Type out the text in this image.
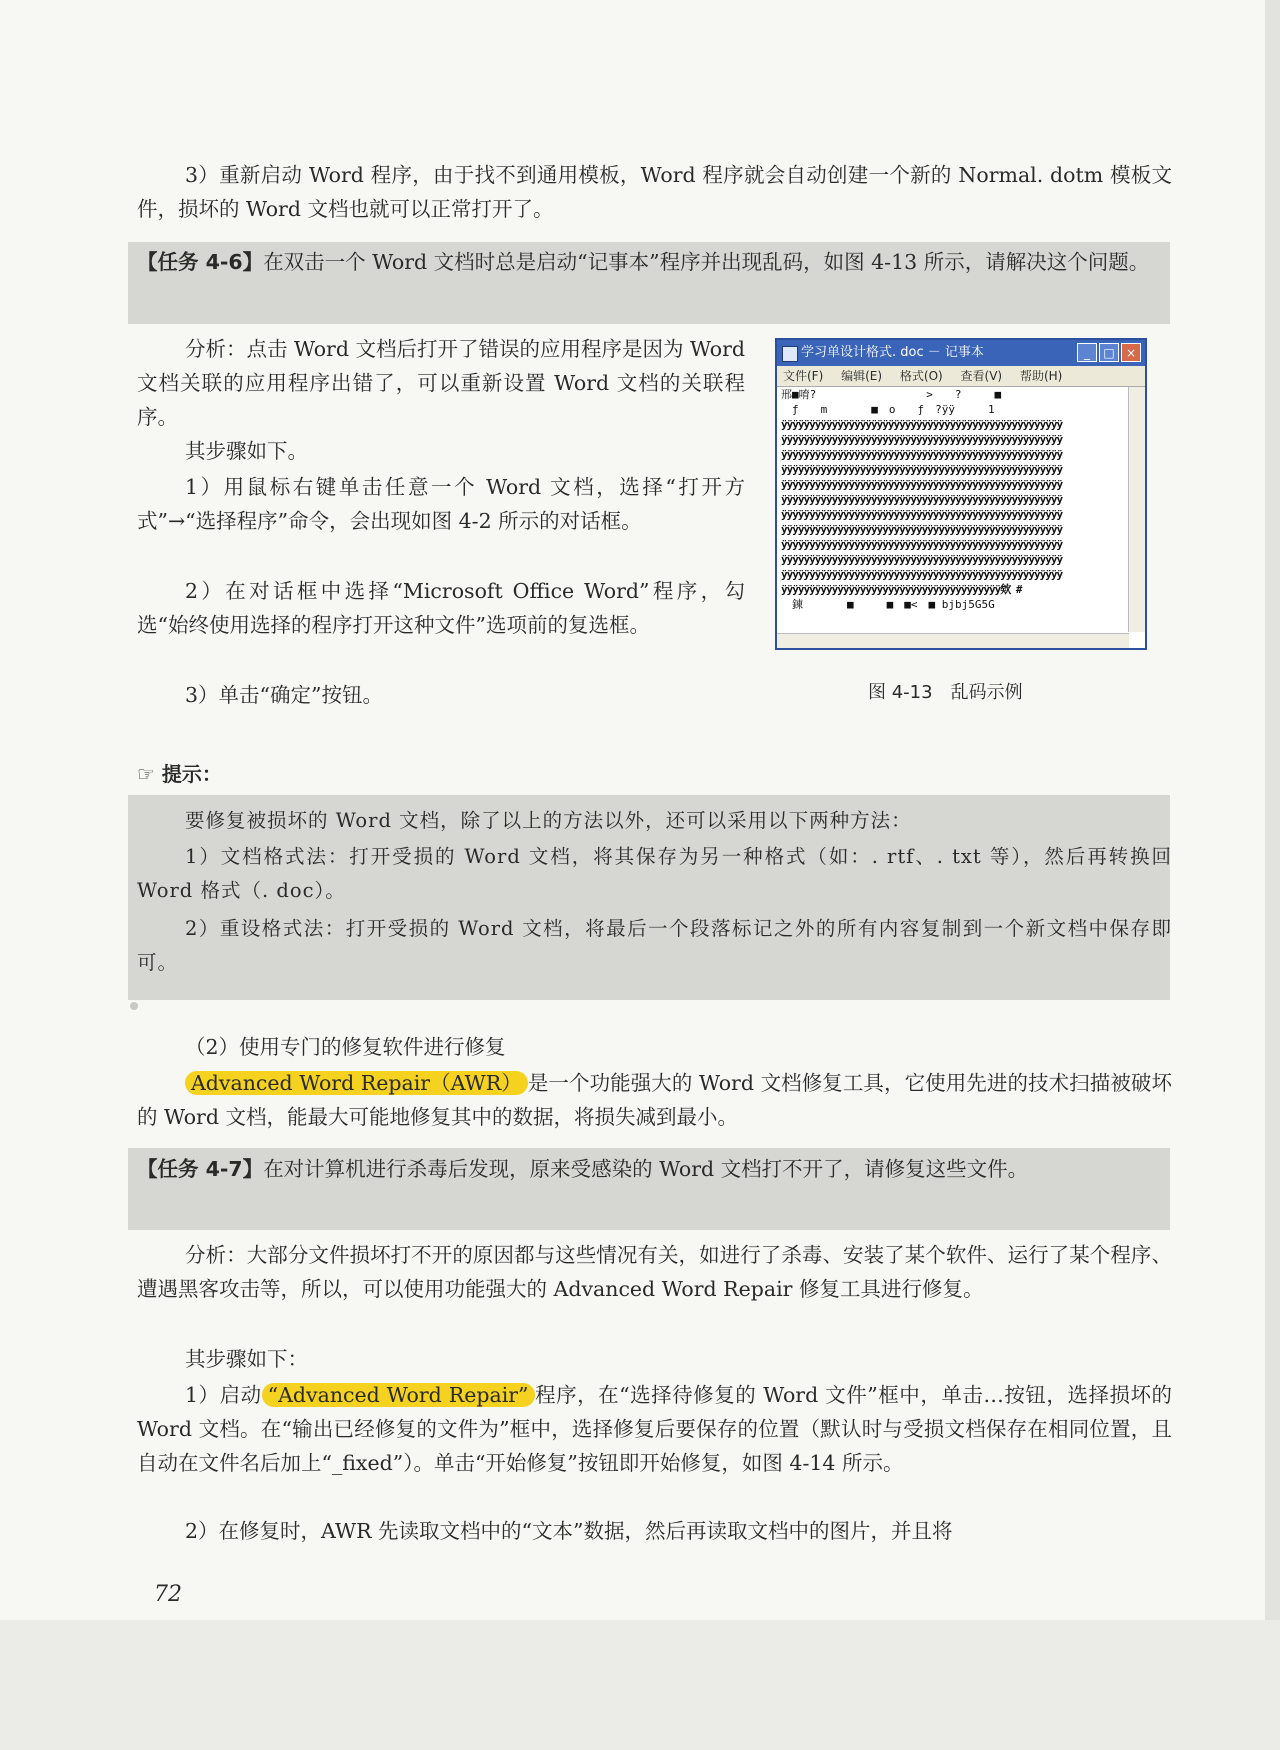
3）重新启动 Word 程序，由于找不到通用模板，Word 程序就会自动创建一个新的 Normal. dotm 模板文件，损坏的 Word 文档也就可以正常打开了。

【任务 4-6】在双击一个 Word 文档时总是启动“记事本”程序并出现乱码，如图 4-13 所示，请解决这个问题。

分析：点击 Word 文档后打开了错误的应用程序是因为 Word 文档关联的应用程序出错了，可以重新设置 Word 文档的关联程序。

其步骤如下。

1）用鼠标右键单击任意一个 Word 文档，选择“打开方式”→“选择程序”命令，会出现如图 4-2 所示的对话框。

2）在对话框中选择“Microsoft Office Word”程序，勾选“始终使用选择的程序打开这种文件”选项前的复选框。

3）单击“确定”按钮。

学习单设计格式. doc － 记事本	_	□ ×
文件(F) 编辑(E) 格式(O) 查看(V) 帮助(H)
邢■唷?　　　　　　　　　　>　　?　　　■
　ƒ　　m　　　　■　o　　ƒ　?ÿÿ　　　1
ÿÿÿÿÿÿÿÿÿÿÿÿÿÿÿÿÿÿÿÿÿÿÿÿÿÿÿÿÿÿÿÿÿÿÿÿÿÿÿÿÿÿÿÿÿÿÿÿÿÿ
ÿÿÿÿÿÿÿÿÿÿÿÿÿÿÿÿÿÿÿÿÿÿÿÿÿÿÿÿÿÿÿÿÿÿÿÿÿÿÿÿÿÿÿÿÿÿÿÿÿÿ
ÿÿÿÿÿÿÿÿÿÿÿÿÿÿÿÿÿÿÿÿÿÿÿÿÿÿÿÿÿÿÿÿÿÿÿÿÿÿÿÿÿÿÿÿÿÿÿÿÿÿ
ÿÿÿÿÿÿÿÿÿÿÿÿÿÿÿÿÿÿÿÿÿÿÿÿÿÿÿÿÿÿÿÿÿÿÿÿÿÿÿÿÿÿÿÿÿÿÿÿÿÿ
ÿÿÿÿÿÿÿÿÿÿÿÿÿÿÿÿÿÿÿÿÿÿÿÿÿÿÿÿÿÿÿÿÿÿÿÿÿÿÿÿÿÿÿÿÿÿÿÿÿÿ
ÿÿÿÿÿÿÿÿÿÿÿÿÿÿÿÿÿÿÿÿÿÿÿÿÿÿÿÿÿÿÿÿÿÿÿÿÿÿÿÿÿÿÿÿÿÿÿÿÿÿ
ÿÿÿÿÿÿÿÿÿÿÿÿÿÿÿÿÿÿÿÿÿÿÿÿÿÿÿÿÿÿÿÿÿÿÿÿÿÿÿÿÿÿÿÿÿÿÿÿÿÿ
ÿÿÿÿÿÿÿÿÿÿÿÿÿÿÿÿÿÿÿÿÿÿÿÿÿÿÿÿÿÿÿÿÿÿÿÿÿÿÿÿÿÿÿÿÿÿÿÿÿÿ
ÿÿÿÿÿÿÿÿÿÿÿÿÿÿÿÿÿÿÿÿÿÿÿÿÿÿÿÿÿÿÿÿÿÿÿÿÿÿÿÿÿÿÿÿÿÿÿÿÿÿ
ÿÿÿÿÿÿÿÿÿÿÿÿÿÿÿÿÿÿÿÿÿÿÿÿÿÿÿÿÿÿÿÿÿÿÿÿÿÿÿÿÿÿÿÿÿÿÿÿÿÿ
ÿÿÿÿÿÿÿÿÿÿÿÿÿÿÿÿÿÿÿÿÿÿÿÿÿÿÿÿÿÿÿÿÿÿÿÿÿÿÿÿÿÿÿÿÿÿÿÿÿÿ
ÿÿÿÿÿÿÿÿÿÿÿÿÿÿÿÿÿÿÿÿÿÿÿÿÿÿÿÿÿÿÿÿÿÿÿÿÿÿÿ欸 #
　鍊　　　　■　　　■　■<　■ bjbj5G5G
图 4-13　乱码示例
☞ 提示：

要修复被损坏的 Word 文档，除了以上的方法以外，还可以采用以下两种方法：

1）文档格式法：打开受损的 Word 文档，将其保存为另一种格式（如：. rtf、. txt 等），然后再转换回 Word 格式（. doc）。

2）重设格式法：打开受损的 Word 文档，将最后一个段落标记之外的所有内容复制到一个新文档中保存即可。

（2）使用专门的修复软件进行修复

Advanced Word Repair（AWR） 是一个功能强大的 Word 文档修复工具，它使用先进的技术扫描被破坏的 Word 文档，能最大可能地修复其中的数据，将损失减到最小。

【任务 4-7】在对计算机进行杀毒后发现，原来受感染的 Word 文档打不开了，请修复这些文件。

分析：大部分文件损坏打不开的原因都与这些情况有关，如进行了杀毒、安装了某个软件、运行了某个程序、遭遇黑客攻击等，所以，可以使用功能强大的 Advanced Word Repair 修复工具进行修复。

其步骤如下：

1）启动 “Advanced Word Repair” 程序，在“选择待修复的 Word 文件”框中，单击…按钮，选择损坏的 Word 文档。在“输出已经修复的文件为”框中，选择修复后要保存的位置（默认时与受损文档保存在相同位置，且自动在文件名后加上“_fixed”）。单击“开始修复”按钮即开始修复，如图 4-14 所示。

2）在修复时，AWR 先读取文档中的“文本”数据，然后再读取文档中的图片，并且将

72
